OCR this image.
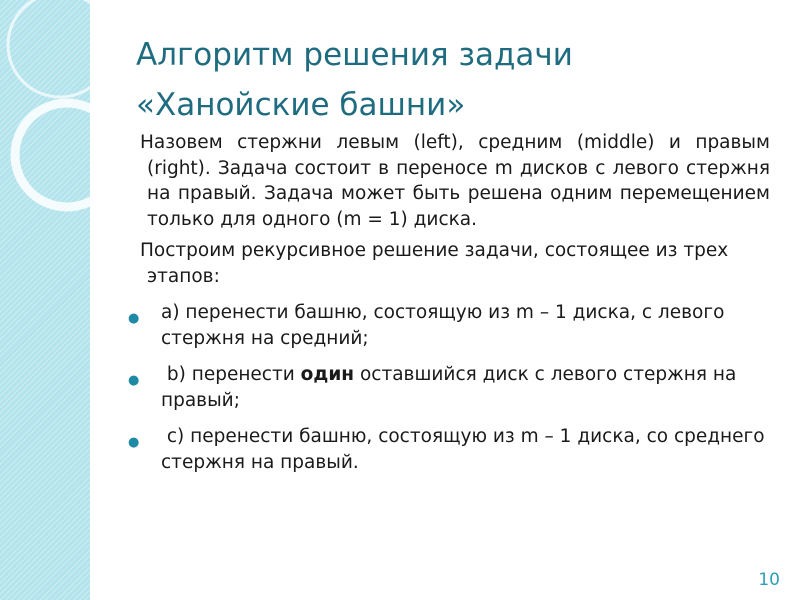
Алгоритм решения задачи
«Ханойские башни»
Назовем стержни левым (left), средним (middle) и правым (right). Задача состоит в переносе m дисков с левого стержня на правый. Задача может быть решена одним перемещением только для одного (m = 1) диска.
Построим рекурсивное решение задачи, состоящее из трех этапов:
● a) перенести башню, состоящую из m – 1 диска, с левого стержня на средний;
● b) перенести один оставшийся диск с левого стержня на правый;
● c) перенести башню, состоящую из m – 1 диска, со среднего стержня на правый.
10
